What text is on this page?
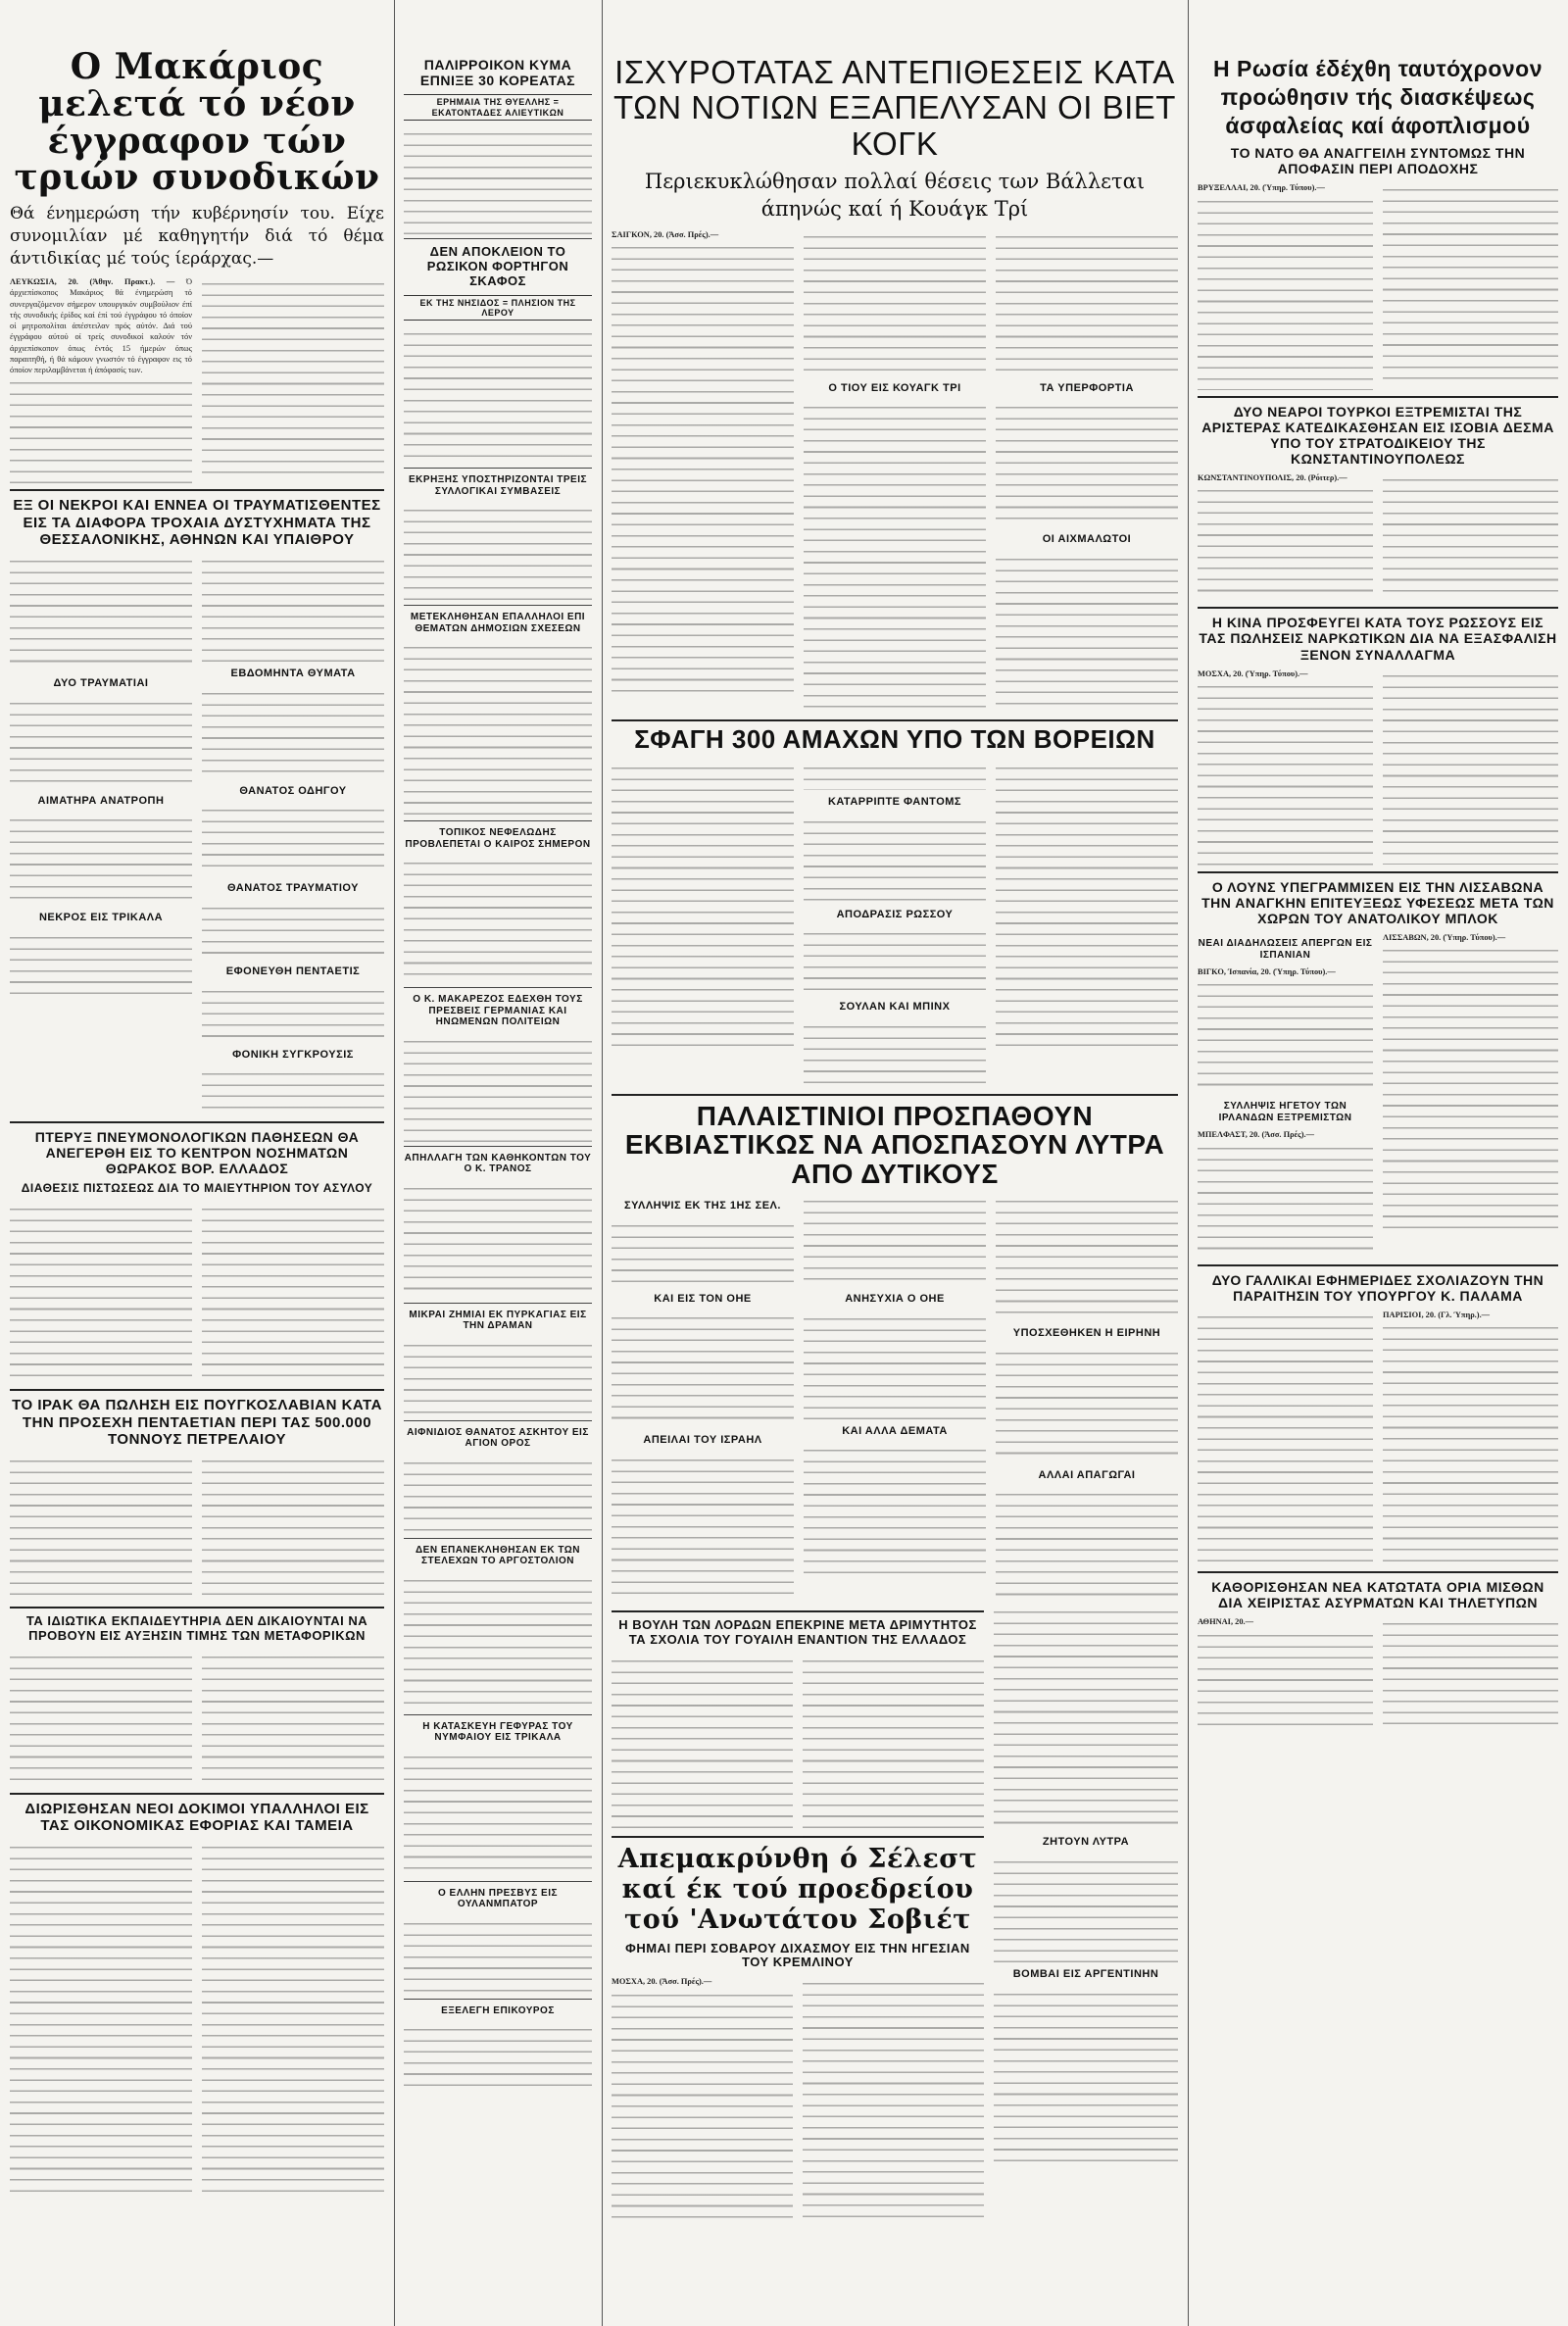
Ο Μακάριος μελετά τό νέον έγγραφον τών τριών συνοδικών
Θά ένημερώση τήν κυβέρνησίν του. Είχε συνομιλίαν μέ καθηγητήν διά τό θέμα άντιδικίας μέ τούς ίεράρχας.—
ΛΕΥΚΩΣΙΑ, 20. (Άθην. Πρακτ.). — Ό άρχιεπίσκοπος Μακάριος θά ένημερώση τό συνεργαζόμενον σήμερον υπουργικόν συμβούλιον έπί τής συνοδικής έρίδος καί έπί τού έγγράφου τό όποίον οί μητροπολίται άπέστειλαν πρός αύτόν. Διά τού έγγράφου αύτού οί τρείς συνοδικοί καλούν τόν άρχιεπίσκοπον όπως έντός 15 ήμερών όπως παραιτηθή, ή θά κάμουν γνωστόν τό έγγραφον εις τό όποίον περιλαμβάνεται ή άπόφασίς των.
ΕΞ ΟΙ ΝΕΚΡΟΙ ΚΑΙ ΕΝΝΕΑ ΟΙ ΤΡΑΥΜΑΤΙΣΘΕΝΤΕΣ ΕΙΣ ΤΑ ΔΙΑΦΟΡΑ ΤΡΟΧΑΙΑ ΔΥΣΤΥΧΗΜΑΤΑ ΤΗΣ ΘΕΣΣΑΛΟΝΙΚΗΣ, ΑΘΗΝΩΝ ΚΑΙ ΥΠΑΙΘΡΟΥ
ΔΥΟ ΤΡΑΥΜΑΤΙΑΙ
ΑΙΜΑΤΗΡΑ ΑΝΑΤΡΟΠΗ
ΝΕΚΡΟΣ ΕΙΣ ΤΡΙΚΑΛΑ
ΕΒΔΟΜΗΝΤΑ ΘΥΜΑΤΑ
ΘΑΝΑΤΟΣ ΟΔΗΓΟΥ
ΘΑΝΑΤΟΣ ΤΡΑΥΜΑΤΙΟΥ
ΕΦΟΝΕΥΘΗ ΠΕΝΤΑΕΤΙΣ
ΦΟΝΙΚΗ ΣΥΓΚΡΟΥΣΙΣ
ΠΤΕΡΥΞ ΠΝΕΥΜΟΝΟΛΟΓΙΚΩΝ ΠΑΘΗΣΕΩΝ ΘΑ ΑΝΕΓΕΡΘΗ ΕΙΣ ΤΟ ΚΕΝΤΡΟΝ ΝΟΣΗΜΑΤΩΝ ΘΩΡΑΚΟΣ ΒΟΡ. ΕΛΛΑΔΟΣ
ΔΙΑΘΕΣΙΣ ΠΙΣΤΩΣΕΩΣ ΔΙΑ ΤΟ ΜΑΙΕΥΤΗΡΙΟΝ ΤΟΥ ΑΣΥΛΟΥ
ΤΟ ΙΡΑΚ ΘΑ ΠΩΛΗΣΗ ΕΙΣ ΠΟΥΓΚΟΣΛΑΒΙΑΝ ΚΑΤΑ ΤΗΝ ΠΡΟΣΕΧΗ ΠΕΝΤΑΕΤΙΑΝ ΠΕΡΙ ΤΑΣ 500.000 ΤΟΝΝΟΥΣ ΠΕΤΡΕΛΑΙΟΥ
ΤΑ ΙΔΙΩΤΙΚΑ ΕΚΠΑΙΔΕΥΤΗΡΙΑ ΔΕΝ ΔΙΚΑΙΟΥΝΤΑΙ ΝΑ ΠΡΟΒΟΥΝ ΕΙΣ ΑΥΞΗΣΙΝ ΤΙΜΗΣ ΤΩΝ ΜΕΤΑΦΟΡΙΚΩΝ
ΔΙΩΡΙΣΘΗΣΑΝ ΝΕΟΙ ΔΟΚΙΜΟΙ ΥΠΑΛΛΗΛΟΙ ΕΙΣ ΤΑΣ ΟΙΚΟΝΟΜΙΚΑΣ ΕΦΟΡΙΑΣ ΚΑΙ ΤΑΜΕΙΑ
ΠΑΛΙΡΡΟΙΚΟΝ ΚΥΜΑ ΕΠΝΙΞΕ 30 ΚΟΡΕΑΤΑΣ
ΕΡΗΜΑΙΑ ΤΗΣ ΘΥΕΛΛΗΣ = ΕΚΑΤΟΝΤΑΔΕΣ ΑΛΙΕΥΤΙΚΩΝ
ΔΕΝ ΑΠΟΚΛΕΙΟΝ ΤΟ ΡΩΣΙΚΟΝ ΦΟΡΤΗΓΟΝ ΣΚΑΦΟΣ
ΕΚ ΤΗΣ ΝΗΣΙΔΟΣ = ΠΛΗΣΙΟΝ ΤΗΣ ΛΕΡΟΥ
ΕΚΡΗΞΗΣ ΥΠΟΣΤΗΡΙΖΟΝΤΑΙ ΤΡΕΙΣ ΣΥΛΛΟΓΙΚΑΙ ΣΥΜΒΑΣΕΙΣ
ΜΕΤΕΚΛΗΘΗΣΑΝ ΕΠΑΛΛΗΛΟΙ ΕΠΙ ΘΕΜΑΤΩΝ ΔΗΜΟΣΙΩΝ ΣΧΕΣΕΩΝ
ΤΟΠΙΚΟΣ ΝΕΦΕΛΩΔΗΣ ΠΡΟΒΛΕΠΕΤΑΙ Ο ΚΑΙΡΟΣ ΣΗΜΕΡΟΝ
Ο Κ. ΜΑΚΑΡΕΖΟΣ ΕΔΕΧΘΗ ΤΟΥΣ ΠΡΕΣΒΕΙΣ ΓΕΡΜΑΝΙΑΣ ΚΑΙ ΗΝΩΜΕΝΩΝ ΠΟΛΙΤΕΙΩΝ
ΑΠΗΛΛΑΓΗ ΤΩΝ ΚΑΘΗΚΟΝΤΩΝ ΤΟΥ Ο Κ. ΤΡΑΝΟΣ
ΜΙΚΡΑΙ ΖΗΜΙΑΙ ΕΚ ΠΥΡΚΑΓΙΑΣ ΕΙΣ ΤΗΝ ΔΡΑΜΑΝ
ΑΙΦΝΙΔΙΟΣ ΘΑΝΑΤΟΣ ΑΣΚΗΤΟΥ ΕΙΣ ΑΓΙΟΝ ΟΡΟΣ
ΔΕΝ ΕΠΑΝΕΚΛΗΘΗΣΑΝ ΕΚ ΤΩΝ ΣΤΕΛΕΧΩΝ ΤΟ ΑΡΓΟΣΤΟΛΙΟΝ
Η ΚΑΤΑΣΚΕΥΗ ΓΕΦΥΡΑΣ ΤΟΥ ΝΥΜΦΑΙΟΥ ΕΙΣ ΤΡΙΚΑΛΑ
Ο ΕΛΛΗΝ ΠΡΕΣΒΥΣ ΕΙΣ ΟΥΛΑΝΜΠΑΤΟΡ
ΕΞΕΛΕΓΗ ΕΠΙΚΟΥΡΟΣ
ΙΣΧΥΡΟΤΑΤΑΣ ΑΝΤΕΠΙΘΕΣΕΙΣ ΚΑΤΑ ΤΩΝ ΝΟΤΙΩΝ ΕΞΑΠΕΛΥΣΑΝ ΟΙ ΒΙΕΤ ΚΟΓΚ
Περιεκυκλώθησαν πολλαί θέσεις των Βάλλεται άπηνώς καί ή Κουάγκ Τρί
ΣΑΙΓΚΟΝ, 20. (Άσσ. Πρές).—
Ο ΤΙΟΥ ΕΙΣ ΚΟΥΑΓΚ ΤΡΙ	ΤΑ ΥΠΕΡΦΟΡΤΙΑ
ΟΙ ΑΙΧΜΑΛΩΤΟΙ
ΣΦΑΓΗ 300 ΑΜΑΧΩΝ ΥΠΟ ΤΩΝ ΒΟΡΕΙΩΝ
ΚΑΤΑΡΡΙΠΤΕ ΦΑΝΤΟΜΣ
ΑΠΟΔΡΑΣΙΣ ΡΩΣΣΟΥ
ΣΟΥΛΑΝ ΚΑΙ ΜΠΙΝΧ
ΠΑΛΑΙΣΤΙΝΙΟΙ ΠΡΟΣΠΑΘΟΥΝ ΕΚΒΙΑΣΤΙΚΩΣ ΝΑ ΑΠΟΣΠΑΣΟΥΝ ΛΥΤΡΑ ΑΠΟ ΔΥΤΙΚΟΥΣ
ΣΥΛΛΗΨΙΣ ΕΚ ΤΗΣ 1ΗΣ ΣΕΛ.
ΚΑΙ ΕΙΣ ΤΟΝ ΟΗΕ
ΑΠΕΙΛΑΙ ΤΟΥ ΙΣΡΑΗΛ
ΑΝΗΣΥΧΙΑ Ο ΟΗΕ
ΚΑΙ ΑΛΛΑ ΔΕΜΑΤΑ
ΥΠΟΣΧΕΘΗΚΕΝ Η ΕΙΡΗΝΗ
ΑΛΛΑΙ ΑΠΑΓΩΓΑΙ
Η ΒΟΥΛΗ ΤΩΝ ΛΟΡΔΩΝ ΕΠΕΚΡΙΝΕ ΜΕΤΑ ΔΡΙΜΥΤΗΤΟΣ ΤΑ ΣΧΟΛΙΑ ΤΟΥ ΓΟΥΑΙΛΗ ΕΝΑΝΤΙΟΝ ΤΗΣ ΕΛΛΑΔΟΣ
Απεμακρύνθη ό Σέλεστ καί έκ τού προεδρείου τού 'Ανωτάτου Σοβιέτ
ΦΗΜΑΙ ΠΕΡΙ ΣΟΒΑΡΟΥ ΔΙΧΑΣΜΟΥ ΕΙΣ ΤΗΝ ΗΓΕΣΙΑΝ ΤΟΥ ΚΡΕΜΛΙΝΟΥ
ΜΟΣΧΑ, 20. (Άσσ. Πρές).—
ΖΗΤΟΥΝ ΛΥΤΡΑ
ΒΟΜΒΑΙ ΕΙΣ ΑΡΓΕΝΤΙΝΗΝ
Η Ρωσία έδέχθη ταυτόχρονον προώθησιν τής διασκέψεως άσφαλείας καί άφοπλισμού
ΤΟ ΝΑΤΟ ΘΑ ΑΝΑΓΓΕΙΛΗ ΣΥΝΤΟΜΩΣ ΤΗΝ ΑΠΟΦΑΣΙΝ ΠΕΡΙ ΑΠΟΔΟΧΗΣ
ΒΡΥΞΕΛΛΑΙ, 20. (Ύπηρ. Τύπου).—
ΔΥΟ ΝΕΑΡΟΙ ΤΟΥΡΚΟΙ ΕΞΤΡΕΜΙΣΤΑΙ ΤΗΣ ΑΡΙΣΤΕΡΑΣ ΚΑΤΕΔΙΚΑΣΘΗΣΑΝ ΕΙΣ ΙΣΟΒΙΑ ΔΕΣΜΑ ΥΠΟ ΤΟΥ ΣΤΡΑΤΟΔΙΚΕΙΟΥ ΤΗΣ ΚΩΝΣΤΑΝΤΙΝΟΥΠΟΛΕΩΣ
ΚΩΝΣΤΑΝΤΙΝΟΥΠΟΛΙΣ, 20. (Ρόιτερ).—
Η ΚΙΝΑ ΠΡΟΣΦΕΥΓΕΙ ΚΑΤΑ ΤΟΥΣ ΡΩΣΣΟΥΣ ΕΙΣ ΤΑΣ ΠΩΛΗΣΕΙΣ ΝΑΡΚΩΤΙΚΩΝ ΔΙΑ ΝΑ ΕΞΑΣΦΑΛΙΣΗ ΞΕΝΟΝ ΣΥΝΑΛΛΑΓΜΑ
ΜΟΣΧΑ, 20. (Ύπηρ. Τύπου).—
Ο ΛΟΥΝΣ ΥΠΕΓΡΑΜΜΙΣΕΝ ΕΙΣ ΤΗΝ ΛΙΣΣΑΒΩΝΑ ΤΗΝ ΑΝΑΓΚΗΝ ΕΠΙΤΕΥΞΕΩΣ ΥΦΕΣΕΩΣ ΜΕΤΑ ΤΩΝ ΧΩΡΩΝ ΤΟΥ ΑΝΑΤΟΛΙΚΟΥ ΜΠΛΟΚ
ΝΕΑΙ ΔΙΑΔΗΛΩΣΕΙΣ ΑΠΕΡΓΩΝ ΕΙΣ ΙΣΠΑΝΙΑΝ
ΒΙΓΚΟ, Ίσπανία, 20. (Ύπηρ. Τύπου).—
ΣΥΛΛΗΨΙΣ ΗΓΕΤΟΥ ΤΩΝ ΙΡΛΑΝΔΩΝ ΕΞΤΡΕΜΙΣΤΩΝ
ΜΠΕΛΦΑΣΤ, 20. (Άσσ. Πρές).—
ΛΙΣΣΑΒΩΝ, 20. (Ύπηρ. Τύπου).—
ΔΥΟ ΓΑΛΛΙΚΑΙ ΕΦΗΜΕΡΙΔΕΣ ΣΧΟΛΙΑΖΟΥΝ ΤΗΝ ΠΑΡΑΙΤΗΣΙΝ ΤΟΥ ΥΠΟΥΡΓΟΥ Κ. ΠΑΛΑΜΑ
ΠΑΡΙΣΙΟΙ, 20. (Γλ. Ύπηρ.).—
ΚΑΘΟΡΙΣΘΗΣΑΝ ΝΕΑ ΚΑΤΩΤΑΤΑ ΟΡΙΑ ΜΙΣΘΩΝ ΔΙΑ ΧΕΙΡΙΣΤΑΣ ΑΣΥΡΜΑΤΩΝ ΚΑΙ ΤΗΛΕΤΥΠΩΝ
ΑΘΗΝΑΙ, 20.—
